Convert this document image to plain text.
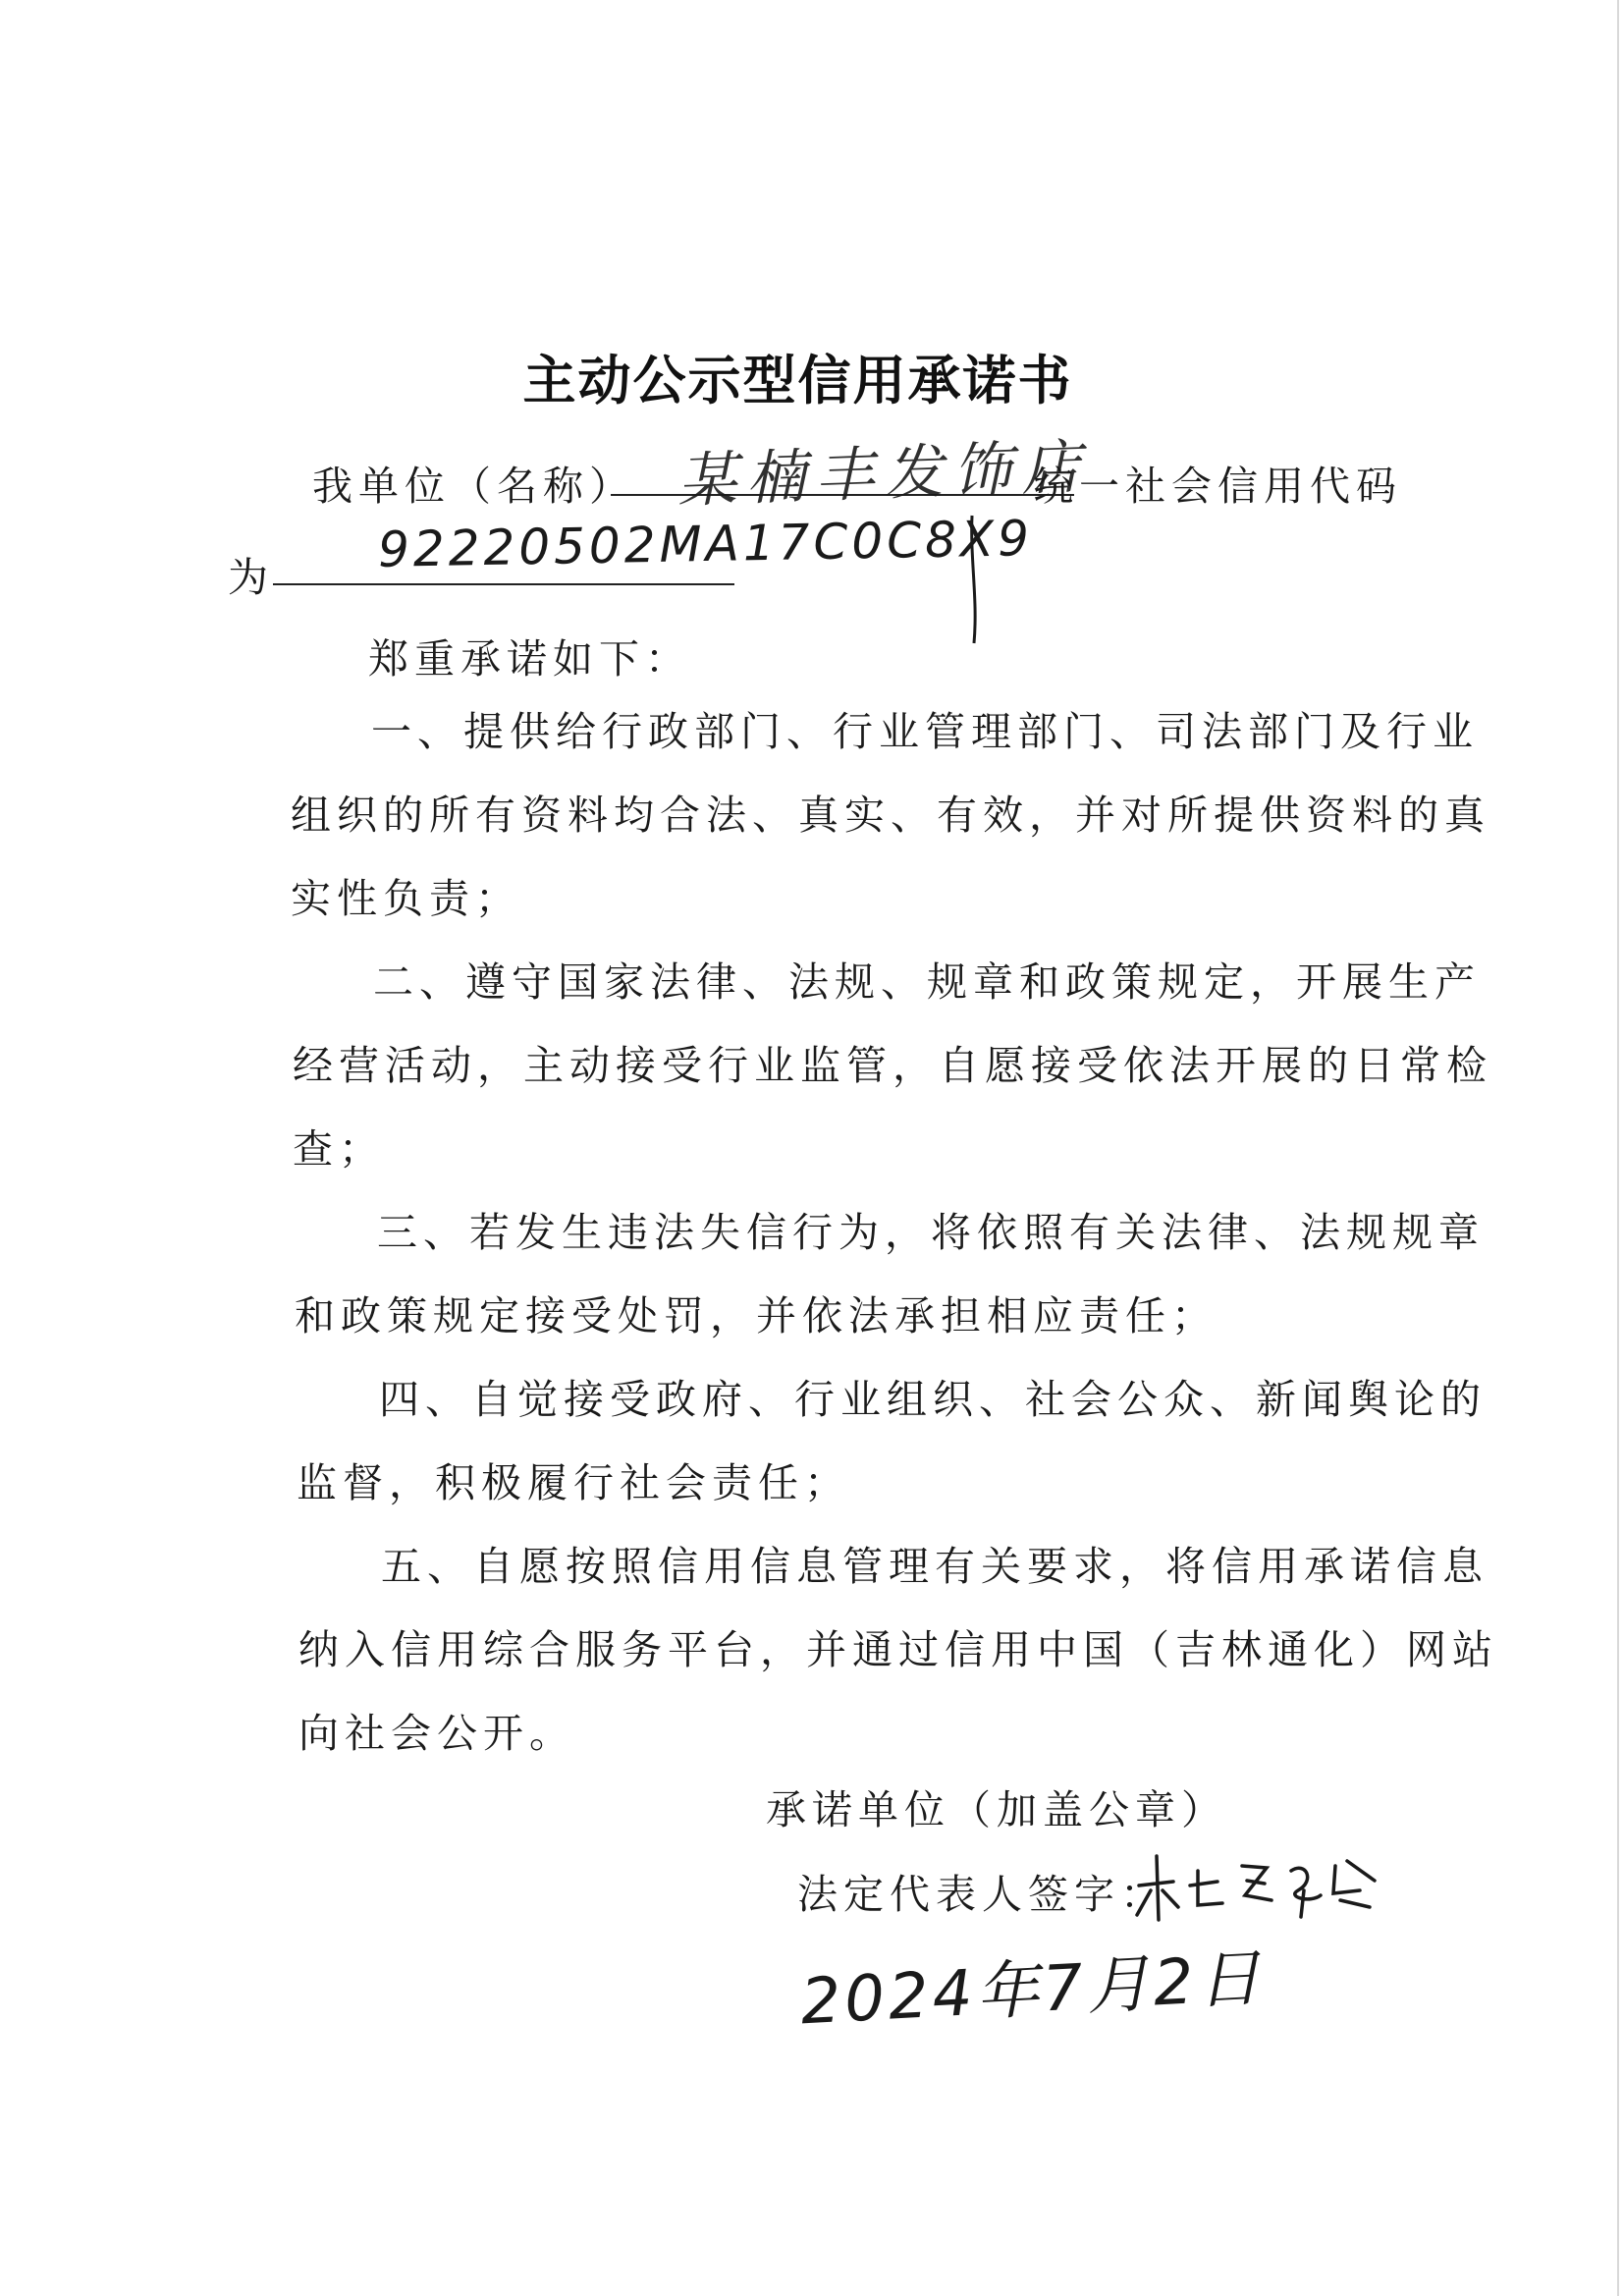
主动公示型信用承诺书
我单位（名称） 某楠丰发饰店
统一社会信用代码
为 92220502MA17C0C8X9
郑重承诺如下：
一、提供给行政部门、行业管理部门、司法部门及行业
组织的所有资料均合法、真实、有效，并对所提供资料的真
实性负责；
二、遵守国家法律、法规、规章和政策规定，开展生产
经营活动，主动接受行业监管，自愿接受依法开展的日常检
查；
三、若发生违法失信行为，将依照有关法律、法规规章
和政策规定接受处罚，并依法承担相应责任；
四、自觉接受政府、行业组织、社会公众、新闻舆论的
监督，积极履行社会责任；
五、自愿按照信用信息管理有关要求，将信用承诺信息
纳入信用综合服务平台，并通过信用中国（吉林通化）网站
向社会公开。
承诺单位（加盖公章）
法定代表人签字：
2024年7月2日
